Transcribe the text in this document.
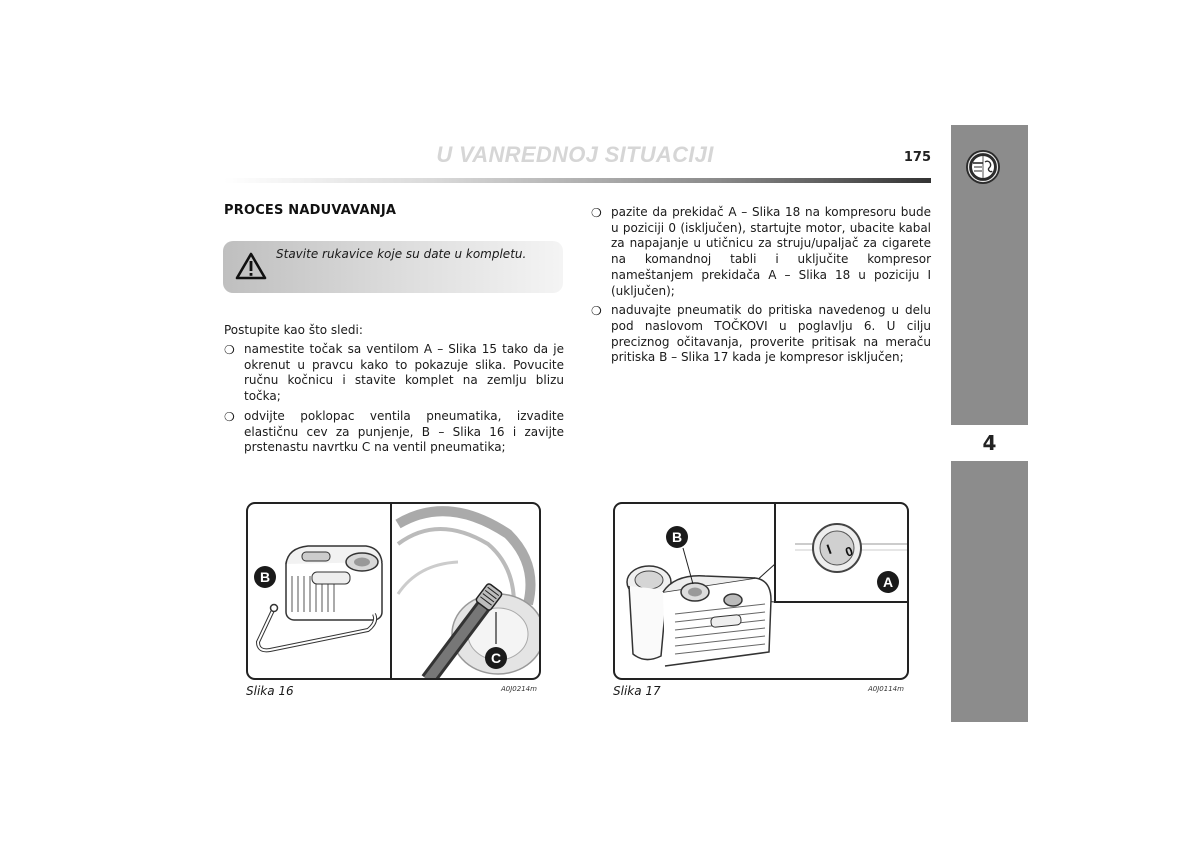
U VANREDNOJ SITUACIJI	175
4
PROCES NADUVAVANJA
Stavite rukavice koje su date u kompletu.
Postupite kao što sledi:
❍ namestite točak sa ventilom A – Slika 15 tako da je okrenut u pravcu kako to pokazuje slika. Povucite ručnu kočnicu i stavite komplet na zemlju blizu točka;
❍ odvijte poklopac ventila pneumatika, izvadite elastičnu cev za punjenje, B – Slika 16 i zavijte prstenastu navrtku C na ventil pneumatika;
❍ pazite da prekidač A – Slika 18 na kompresoru bude u poziciji 0 (isključen), startujte motor, ubacite kabal za napajanje u utičnicu za struju/upaljač za cigarete na komandnoj tabli i uključite kompresor nameštanjem prekidača A – Slika 18 u poziciju I (uključen);
❍ naduvajte pneumatik do pritiska navedenog u delu pod naslovom TOČKOVI u poglavlju 6. U cilju preciznog očitavanja, proverite pritisak na meraču pritiska B – Slika 17 kada je kompresor isključen;
B
C
Slika 16	A0J0214m
I 0
A
B
Slika 17	A0J0114m
